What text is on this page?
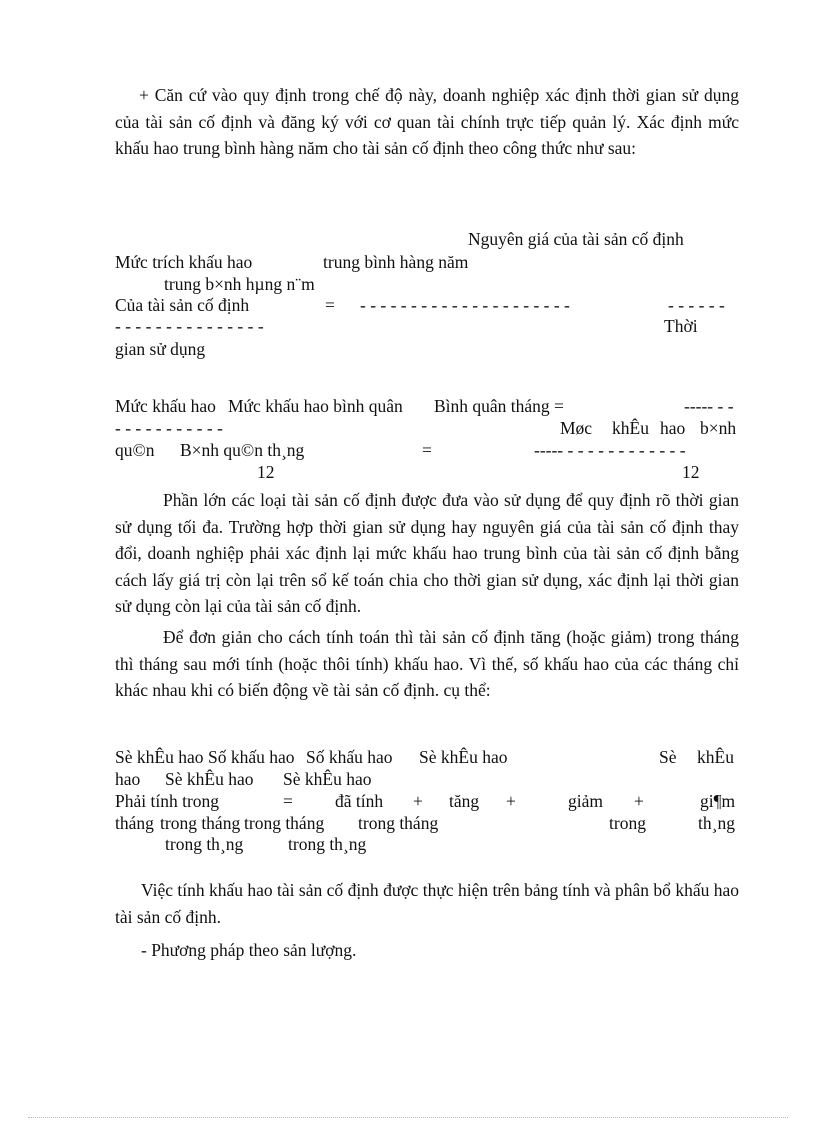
+ Căn cứ vào quy định trong chế độ này, doanh nghiệp xác định thời gian sử dụng của tài sản cố định và đăng ký với cơ quan tài chính trực tiếp quản lý. Xác định mức khấu hao trung bình hàng năm cho tài sản cố định theo công thức như sau:

Nguyên giá của tài sản cố định
Mức trích khấu hao	trung bình hàng năm
trung b×nh hµng n¨m
Của tài sản cố định	= - - - - - - - - - - - - - - - - - - - - -	- - - - - -
- - - - - - - - - - - - - - -	Thời
gian sử dụng
Mức khấu hao Mức khấu hao bình quân Bình quân tháng =	----- - -
- - - - - - - - - - -	Møc khÊu hao b×nh
qu©n B×nh qu©n th¸ng	=	----- - - - - - - - - - - - -
12	12

Phần lớn các loại tài sản cố định được đưa vào sử dụng để quy định rõ thời gian sử dụng tối đa. Trường hợp thời gian sử dụng hay nguyên giá của tài sản cố định thay đổi, doanh nghiệp phải xác định lại mức khấu hao trung bình của tài sản cố định bằng cách lấy giá trị còn lại trên sổ kế toán chia cho thời gian sử dụng, xác định lại thời gian sử dụng còn lại của tài sản cố định.

Để đơn giản cho cách tính toán thì tài sản cố định tăng (hoặc giảm) trong tháng thì tháng sau mới tính (hoặc thôi tính) khấu hao. Vì thế, số khấu hao của các tháng chỉ khác nhau khi có biến động về tài sản cố định. cụ thể:

Sè khÊu hao Số khấu hao Số khấu hao Sè khÊu hao	Sè khÊu
hao Sè khÊu hao Sè khÊu hao
Phải tính trong	= đã tính + tăng +	giảm +	gi¶m
tháng trong tháng trong tháng trong tháng	trong	th¸ng
trong th¸ng	trong th¸ng

Việc tính khấu hao tài sản cố định được thực hiện trên bảng tính và phân bổ khấu hao tài sản cố định.

- Phương pháp theo sản lượng.
